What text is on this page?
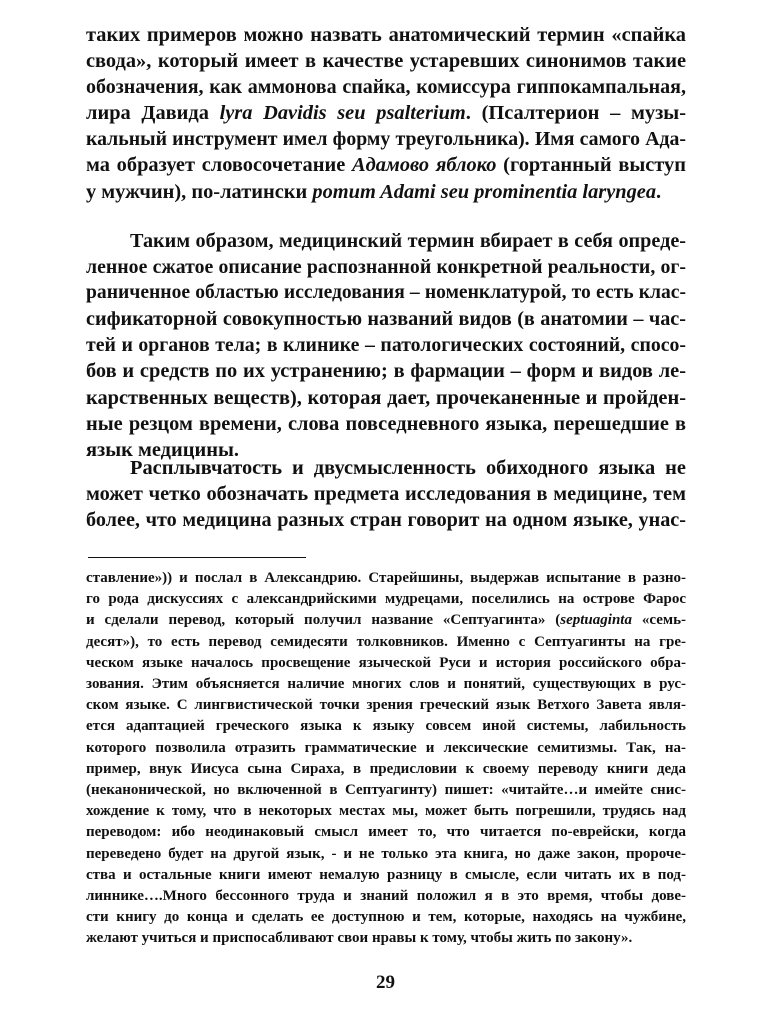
таких примеров можно назвать анатомический термин «спайка
свода», который имеет в качестве устаревших синонимов такие
обозначения, как аммонова спайка, комиссура гиппокампальная,
лира Давида lyra Davidis seu psalterium. (Псалтерион – музы-
кальный инструмент имел форму треугольника). Имя самого Ада-
ма образует словосочетание Адамово яблоко (гортанный выступ
у мужчин), по-латински pomum Adami seu prominentia laryngea.
Таким образом, медицинский термин вбирает в себя опреде-
ленное сжатое описание распознанной конкретной реальности, ог-
раниченное областью исследования – номенклатурой, то есть клас-
сификаторной совокупностью названий видов (в анатомии – час-
тей и органов тела; в клинике – патологических состояний, спосо-
бов и средств по их устранению; в фармации – форм и видов ле-
карственных веществ), которая дает, прочеканенные и пройден-
ные резцом времени, слова повседневного языка, перешедшие в
язык медицины.
Расплывчатость и двусмысленность обиходного языка не
может четко обозначать предмета исследования в медицине, тем
более, что медицина разных стран говорит на одном языке, унас-
ставление»)) и послал в Александрию. Старейшины, выдержав испытание в разно-
го рода дискуссиях с александрийскими мудрецами, поселились на острове Фарос
и сделали перевод, который получил название «Септуагинта» (septuaginta «семь-
десят»), то есть перевод семидесяти толковников. Именно с Септуагинты на гре-
ческом языке началось просвещение языческой Руси и история российского обра-
зования. Этим объясняется наличие многих слов и понятий, существующих в рус-
ском языке. С лингвистической точки зрения греческий язык Ветхого Завета явля-
ется адаптацией греческого языка к языку совсем иной системы, лабильность
которого позволила отразить грамматические и лексические семитизмы. Так, на-
пример, внук Иисуса сына Сираха, в предисловии к своему переводу книги деда
(неканонической, но включенной в Септуагинту) пишет: «читайте…и имейте снис-
хождение к тому, что в некоторых местах мы, может быть погрешили, трудясь над
переводом: ибо неодинаковый смысл имеет то, что читается по-еврейски, когда
переведено будет на другой язык, - и не только эта книга, но даже закон, пророче-
ства и остальные книги имеют немалую разницу в смысле, если читать их в под-
линнике….Много бессонного труда и знаний положил я в это время, чтобы дове-
сти книгу до конца и сделать ее доступною и тем, которые, находясь на чужбине,
желают учиться и приспосабливают свои нравы к тому, чтобы жить по закону».
29
